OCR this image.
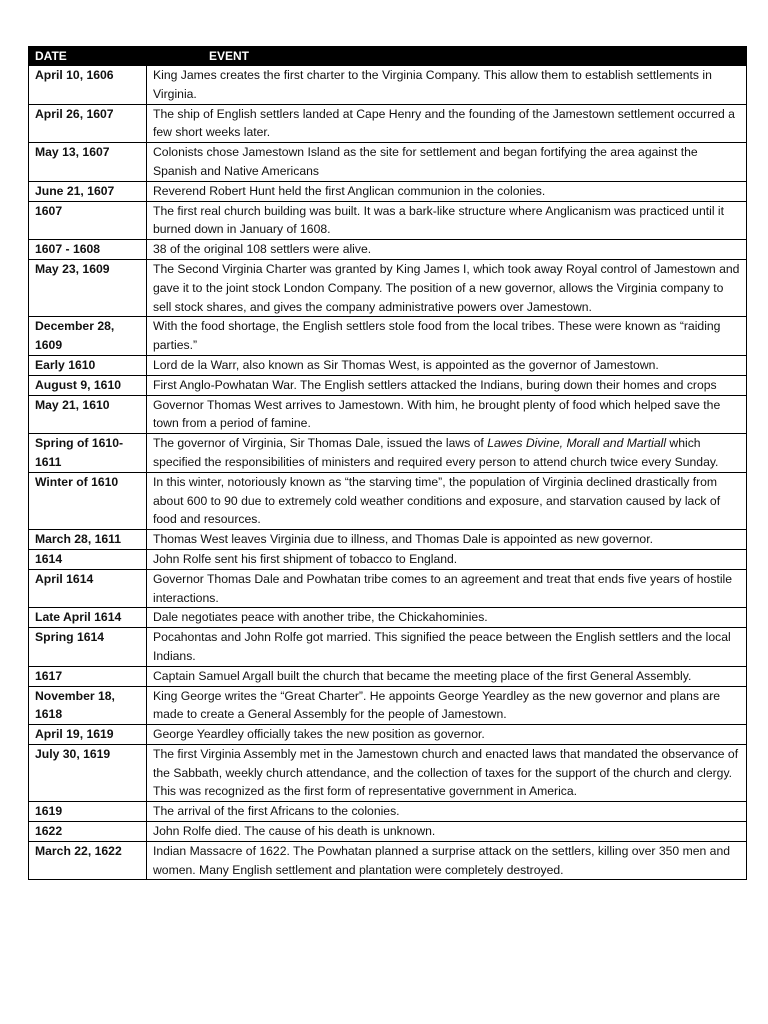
DATE	EVENT
April 10, 1606	King James creates the first charter to the Virginia Company. This allow them to establish settlements in Virginia.
April 26, 1607	The ship of English settlers landed at Cape Henry and the founding of the Jamestown settlement occurred a few short weeks later.
May 13, 1607	Colonists chose Jamestown Island as the site for settlement and began fortifying the area against the Spanish and Native Americans
June 21, 1607	Reverend Robert Hunt held the first Anglican communion in the colonies.
1607	The first real church building was built. It was a bark-like structure where Anglicanism was practiced until it burned down in January of 1608.
1607 - 1608	38 of the original 108 settlers were alive.
May 23, 1609	The Second Virginia Charter was granted by King James I, which took away Royal control of Jamestown and gave it to the joint stock London Company. The position of a new governor, allows the Virginia company to sell stock shares, and gives the company administrative powers over Jamestown.
December 28, 1609	With the food shortage, the English settlers stole food from the local tribes. These were known as “raiding parties.”
Early 1610	Lord de la Warr, also known as Sir Thomas West, is appointed as the governor of Jamestown.
August 9, 1610	First Anglo-Powhatan War. The English settlers attacked the Indians, buring down their homes and crops
May 21, 1610	Governor Thomas West arrives to Jamestown. With him, he brought plenty of food which helped save the town from a period of famine.
Spring of 1610-1611	The governor of Virginia, Sir Thomas Dale, issued the laws of Lawes Divine, Morall and Martiall which specified the responsibilities of ministers and required every person to attend church twice every Sunday.
Winter of 1610	In this winter, notoriously known as “the starving time”, the population of Virginia declined drastically from about 600 to 90 due to extremely cold weather conditions and exposure, and starvation caused by lack of food and resources.
March 28, 1611	Thomas West leaves Virginia due to illness, and Thomas Dale is appointed as new governor.
1614	John Rolfe sent his first shipment of tobacco to England.
April 1614	Governor Thomas Dale and Powhatan tribe comes to an agreement and treat that ends five years of hostile interactions.
Late April 1614	Dale negotiates peace with another tribe, the Chickahominies.
Spring 1614	Pocahontas and John Rolfe got married. This signified the peace between the English settlers and the local Indians.
1617	Captain Samuel Argall built the church that became the meeting place of the first General Assembly.
November 18, 1618	King George writes the “Great Charter”. He appoints George Yeardley as the new governor and plans are made to create a General Assembly for the people of Jamestown.
April 19, 1619	George Yeardley officially takes the new position as governor.
July 30, 1619	The first Virginia Assembly met in the Jamestown church and enacted laws that mandated the observance of the Sabbath, weekly church attendance, and the collection of taxes for the support of the church and clergy. This was recognized as the first form of representative government in America.
1619	The arrival of the first Africans to the colonies.
1622	John Rolfe died. The cause of his death is unknown.
March 22, 1622	Indian Massacre of 1622. The Powhatan planned a surprise attack on the settlers, killing over 350 men and women. Many English settlement and plantation were completely destroyed.
